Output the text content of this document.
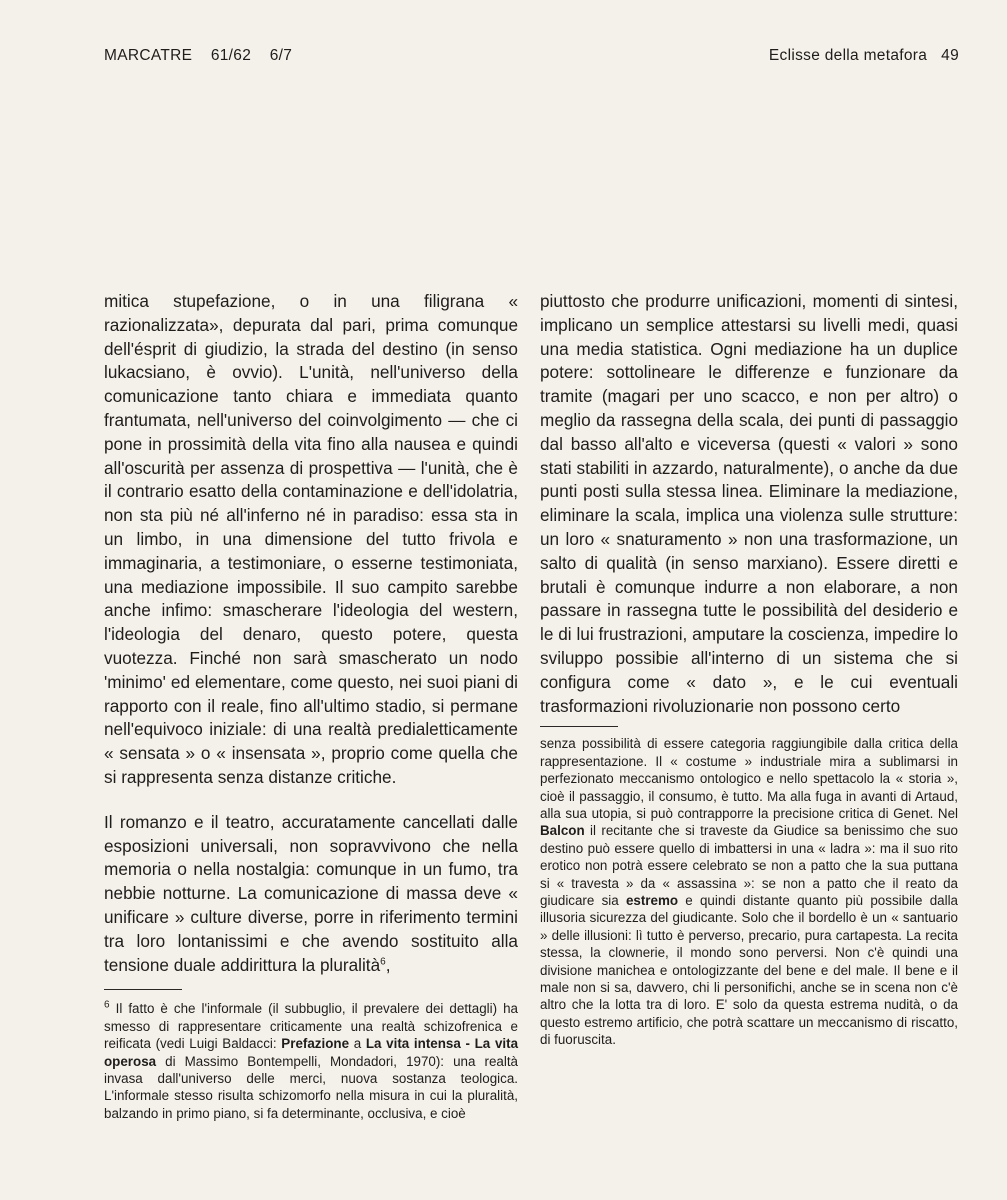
MARCATRE 61/62 6/7	Eclisse della metafora 49

mitica stupefazione, o in una filigrana « razionalizzata», depurata dal pari, prima comunque dell'ésprit di giudizio, la strada del destino (in senso lukacsiano, è ovvio). L'unità, nell'universo della comunicazione tanto chiara e immediata quanto frantumata, nell'universo del coinvolgimento — che ci pone in prossimità della vita fino alla nausea e quindi all'oscurità per assenza di prospettiva — l'unità, che è il contrario esatto della contaminazione e dell'idolatria, non sta più né all'inferno né in paradiso: essa sta in un limbo, in una dimensione del tutto frivola e immaginaria, a testimoniare, o esserne testimoniata, una mediazione impossibile. Il suo campito sarebbe anche infimo: smascherare l'ideologia del western, l'ideologia del denaro, questo potere, questa vuotezza. Finché non sarà smascherato un nodo 'minimo' ed elementare, come questo, nei suoi piani di rapporto con il reale, fino all'ultimo stadio, si permane nell'equivoco iniziale: di una realtà predialetticamente « sensata » o « insensata », proprio come quella che si rappresenta senza distanze critiche.

Il romanzo e il teatro, accuratamente cancellati dalle esposizioni universali, non sopravvivono che nella memoria o nella nostalgia: comunque in un fumo, tra nebbie notturne. La comunicazione di massa deve « unificare » culture diverse, porre in riferimento termini tra loro lontanissimi e che avendo sostituito alla tensione duale addirittura la pluralità$^6$,

$^6$ Il fatto è che l'informale (il subbuglio, il prevalere dei dettagli) ha smesso di rappresentare criticamente una realtà schizofrenica e reificata (vedi Luigi Baldacci: Prefazione a La vita intensa - La vita operosa di Massimo Bontempelli, Mondadori, 1970): una realtà invasa dall'universo delle merci, nuova sostanza teologica. L'informale stesso risulta schizomorfo nella misura in cui la pluralità, balzando in primo piano, si fa determinante, occlusiva, e cioè

piuttosto che produrre unificazioni, momenti di sintesi, implicano un semplice attestarsi su livelli medi, quasi una media statistica. Ogni mediazione ha un duplice potere: sottolineare le differenze e funzionare da tramite (magari per uno scacco, e non per altro) o meglio da rassegna della scala, dei punti di passaggio dal basso all'alto e viceversa (questi « valori » sono stati stabiliti in azzardo, naturalmente), o anche da due punti posti sulla stessa linea. Eliminare la mediazione, eliminare la scala, implica una violenza sulle strutture: un loro « snaturamento » non una trasformazione, un salto di qualità (in senso marxiano). Essere diretti e brutali è comunque indurre a non elaborare, a non passare in rassegna tutte le possibilità del desiderio e le di lui frustrazioni, amputare la coscienza, impedire lo sviluppo possibie all'interno di un sistema che si configura come « dato », e le cui eventuali trasformazioni rivoluzionarie non possono certo

senza possibilità di essere categoria raggiungibile dalla critica della rappresentazione. Il « costume » industriale mira a sublimarsi in perfezionato meccanismo ontologico e nello spettacolo la « storia », cioè il passaggio, il consumo, è tutto. Ma alla fuga in avanti di Artaud, alla sua utopia, si può contrapporre la precisione critica di Genet. Nel Balcon il recitante che si traveste da Giudice sa benissimo che suo destino può essere quello di imbattersi in una « ladra »: ma il suo rito erotico non potrà essere celebrato se non a patto che la sua puttana si « travesta » da « assassina »: se non a patto che il reato da giudicare sia estremo e quindi distante quanto più possibile dalla illusoria sicurezza del giudicante. Solo che il bordello è un « santuario » delle illusioni: lì tutto è perverso, precario, pura cartapesta. La recita stessa, la clownerie, il mondo sono perversi. Non c'è quindi una divisione manichea e ontologizzante del bene e del male. Il bene e il male non si sa, davvero, chi li personifichi, anche se in scena non c'è altro che la lotta tra di loro. E' solo da questa estrema nudità, o da questo estremo artificio, che potrà scattare un meccanismo di riscatto, di fuoruscita.
